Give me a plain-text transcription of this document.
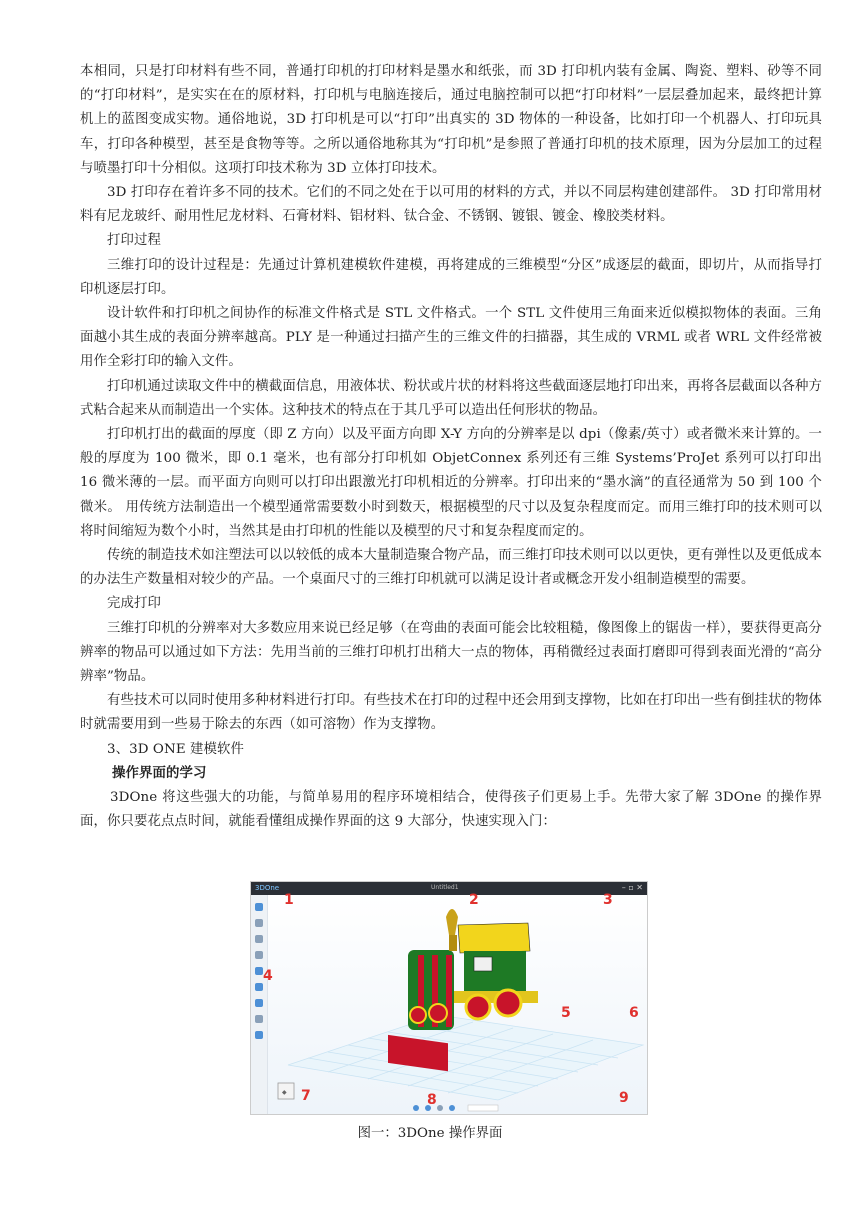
本相同，只是打印材料有些不同，普通打印机的打印材料是墨水和纸张，而 3D 打印机内装有金属、陶瓷、塑料、砂等不同的“打印材料”，是实实在在的原材料，打印机与电脑连接后，通过电脑控制可以把“打印材料”一层层叠加起来，最终把计算机上的蓝图变成实物。通俗地说，3D 打印机是可以“打印”出真实的 3D 物体的一种设备，比如打印一个机器人、打印玩具车，打印各种模型，甚至是食物等等。之所以通俗地称其为“打印机”是参照了普通打印机的技术原理，因为分层加工的过程与喷墨打印十分相似。这项打印技术称为 3D 立体打印技术。

3D 打印存在着许多不同的技术。它们的不同之处在于以可用的材料的方式，并以不同层构建创建部件。 3D 打印常用材料有尼龙玻纤、耐用性尼龙材料、石膏材料、铝材料、钛合金、不锈钢、镀银、镀金、橡胶类材料。

打印过程

三维打印的设计过程是：先通过计算机建模软件建模，再将建成的三维模型“分区”成逐层的截面，即切片，从而指导打印机逐层打印。

设计软件和打印机之间协作的标准文件格式是 STL 文件格式。一个 STL 文件使用三角面来近似模拟物体的表面。三角面越小其生成的表面分辨率越高。PLY 是一种通过扫描产生的三维文件的扫描器，其生成的 VRML 或者 WRL 文件经常被用作全彩打印的输入文件。

打印机通过读取文件中的横截面信息，用液体状、粉状或片状的材料将这些截面逐层地打印出来，再将各层截面以各种方式粘合起来从而制造出一个实体。这种技术的特点在于其几乎可以造出任何形状的物品。

打印机打出的截面的厚度（即 Z 方向）以及平面方向即 X-Y 方向的分辨率是以 dpi（像素/英寸）或者微米来计算的。一般的厚度为 100 微米，即 0.1 毫米，也有部分打印机如 ObjetConnex 系列还有三维 Systems’ProJet 系列可以打印出 16 微米薄的一层。而平面方向则可以打印出跟激光打印机相近的分辨率。打印出来的“墨水滴”的直径通常为 50 到 100 个微米。 用传统方法制造出一个模型通常需要数小时到数天，根据模型的尺寸以及复杂程度而定。而用三维打印的技术则可以将时间缩短为数个小时，当然其是由打印机的性能以及模型的尺寸和复杂程度而定的。

传统的制造技术如注塑法可以以较低的成本大量制造聚合物产品，而三维打印技术则可以以更快，更有弹性以及更低成本的办法生产数量相对较少的产品。一个桌面尺寸的三维打印机就可以满足设计者或概念开发小组制造模型的需要。

完成打印

三维打印机的分辨率对大多数应用来说已经足够（在弯曲的表面可能会比较粗糙，像图像上的锯齿一样），要获得更高分辨率的物品可以通过如下方法：先用当前的三维打印机打出稍大一点的物体，再稍微经过表面打磨即可得到表面光滑的“高分辨率”物品。

有些技术可以同时使用多种材料进行打印。有些技术在打印的过程中还会用到支撑物，比如在打印出一些有倒挂状的物体时就需要用到一些易于除去的东西（如可溶物）作为支撑物。

3、3D ONE 建模软件

操作界面的学习

3DOne 将这些强大的功能，与简单易用的程序环境相结合，使得孩子们更易上手。先带大家了解 3DOne 的操作界面，你只要花点点时间，就能看懂组成操作界面的这 9 大部分，快速实现入门：

3DOne	Untitled1	– ▫ ✕
◆
1	2	3
4
5	6
7	8	9
图一：3DOne 操作界面
